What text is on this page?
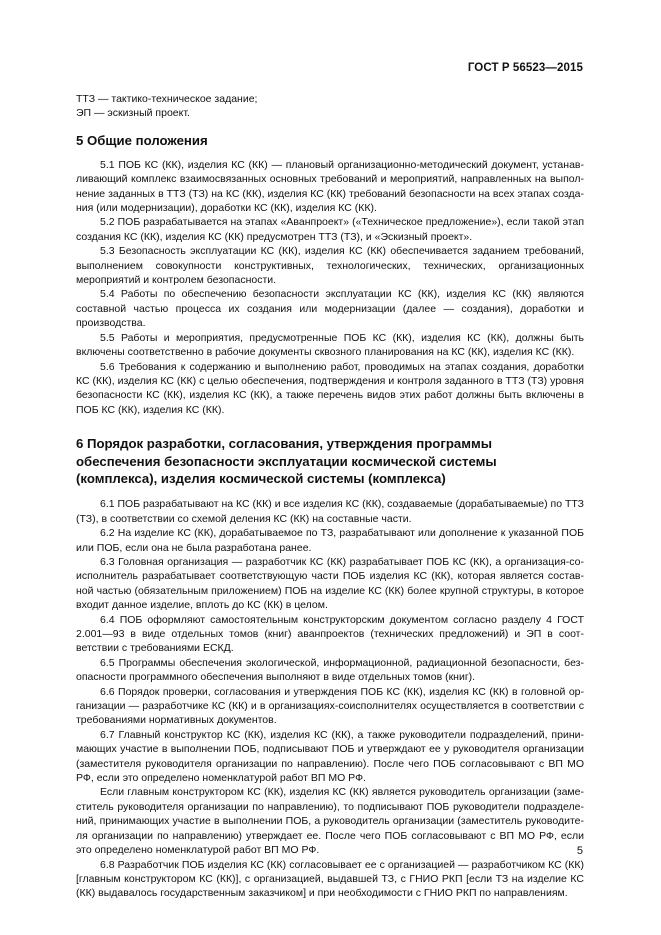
ГОСТ Р 56523—2015

ТТЗ — тактико-техническое задание;

ЭП — эскизный проект.

5 Общие положения

5.1 ПОБ КС (КК), изделия КС (КК) — плановый организационно-методический документ, устанавливающий комплекс взаимосвязанных основных требований и мероприятий, направленных на выполнение заданных в ТТЗ (ТЗ) на КС (КК), изделия КС (КК) требований безопасности на всех этапах создания (или модернизации), доработки КС (КК), изделия КС (КК).

5.2 ПОБ разрабатывается на этапах «Аванпроект» («Техническое предложение»), если такой этап создания КС (КК), изделия КС (КК) предусмотрен ТТЗ (ТЗ), и «Эскизный проект».

5.3 Безопасность эксплуатации КС (КК), изделия КС (КК) обеспечивается заданием требований, выполнением совокупности конструктивных, технологических, технических, организационных мероприятий и контролем безопасности.

5.4 Работы по обеспечению безопасности эксплуатации КС (КК), изделия КС (КК) являются составной частью процесса их создания или модернизации (далее — создания), доработки и производства.

5.5 Работы и мероприятия, предусмотренные ПОБ КС (КК), изделия КС (КК), должны быть включены соответственно в рабочие документы сквозного планирования на КС (КК), изделия КС (КК).

5.6 Требования к содержанию и выполнению работ, проводимых на этапах создания, доработки КС (КК), изделия КС (КК) с целью обеспечения, подтверждения и контроля заданного в ТТЗ (ТЗ) уровня безопасности КС (КК), изделия КС (КК), а также перечень видов этих работ должны быть включены в ПОБ КС (КК), изделия КС (КК).

6 Порядок разработки, согласования, утверждения программы
обеспечения безопасности эксплуатации космической системы
(комплекса), изделия космической системы (комплекса)

6.1 ПОБ разрабатывают на КС (КК) и все изделия КС (КК), создаваемые (дорабатываемые) по ТТЗ (ТЗ), в соответствии со схемой деления КС (КК) на составные части.

6.2 На изделие КС (КК), дорабатываемое по ТЗ, разрабатывают или дополнение к указанной ПОБ или ПОБ, если она не была разработана ранее.

6.3 Головная организация — разработчик КС (КК) разрабатывает ПОБ КС (КК), а организация-соисполнитель разрабатывает соответствующую части ПОБ изделия КС (КК), которая является составной частью (обязательным приложением) ПОБ на изделие КС (КК) более крупной структуры, в которое входит данное изделие, вплоть до КС (КК) в целом.

6.4 ПОБ оформляют самостоятельным конструкторским документом согласно разделу 4 ГОСТ 2.001—93 в виде отдельных томов (книг) аванпроектов (технических предложений) и ЭП в соответствии с требованиями ЕСКД.

6.5 Программы обеспечения экологической, информационной, радиационной безопасности, безопасности программного обеспечения выполняют в виде отдельных томов (книг).

6.6 Порядок проверки, согласования и утверждения ПОБ КС (КК), изделия КС (КК) в головной организации — разработчике КС (КК) и в организациях-соисполнителях осуществляется в соответствии с требованиями нормативных документов.

6.7 Главный конструктор КС (КК), изделия КС (КК), а также руководители подразделений, принимающих участие в выполнении ПОБ, подписывают ПОБ и утверждают ее у руководителя организации (заместителя руководителя организации по направлению). После чего ПОБ согласовывают с ВП МО РФ, если это определено номенклатурой работ ВП МО РФ.

Если главным конструктором КС (КК), изделия КС (КК) является руководитель организации (заместитель руководителя организации по направлению), то подписывают ПОБ руководители подразделений, принимающих участие в выполнении ПОБ, а руководитель организации (заместитель руководителя организации по направлению) утверждает ее. После чего ПОБ согласовывают с ВП МО РФ, если это определено номенклатурой работ ВП МО РФ.

6.8 Разработчик ПОБ изделия КС (КК) согласовывает ее с организацией — разработчиком КС (КК) [главным конструктором КС (КК)], с организацией, выдавшей ТЗ, с ГНИО РКП [если ТЗ на изделие КС (КК) выдавалось государственным заказчиком] и при необходимости с ГНИО РКП по направлениям.

5
